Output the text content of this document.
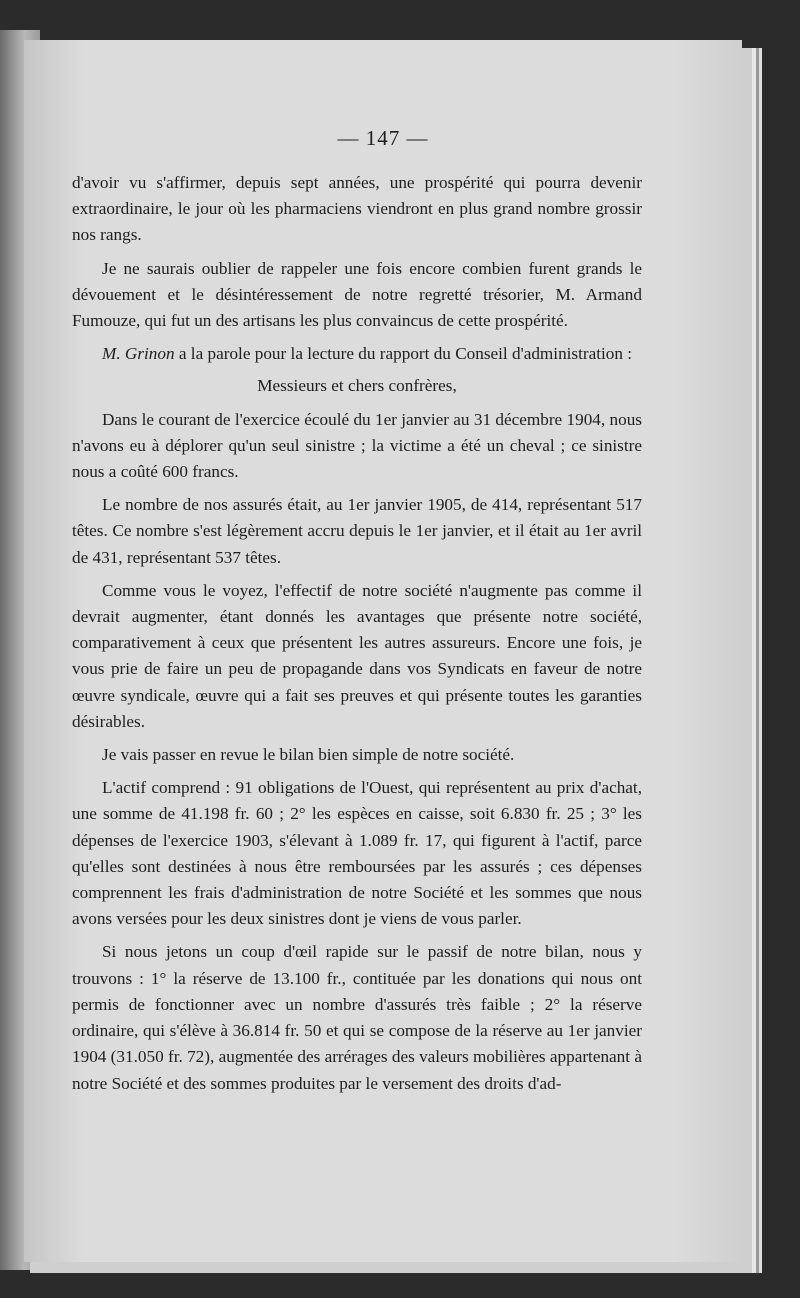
— 147 —

d'avoir vu s'affirmer, depuis sept années, une prospérité qui pourra devenir extraordinaire, le jour où les pharmaciens viendront en plus grand nombre grossir nos rangs.

Je ne saurais oublier de rappeler une fois encore combien furent grands le dévouement et le désintéressement de notre regretté trésorier, M. Armand Fumouze, qui fut un des artisans les plus convaincus de cette prospérité.

M. Grinon a la parole pour la lecture du rapport du Conseil d'administration :

Messieurs et chers confrères,

Dans le courant de l'exercice écoulé du 1er janvier au 31 décembre 1904, nous n'avons eu à déplorer qu'un seul sinistre ; la victime a été un cheval ; ce sinistre nous a coûté 600 francs.

Le nombre de nos assurés était, au 1er janvier 1905, de 414, représentant 517 têtes. Ce nombre s'est légèrement accru depuis le 1er janvier, et il était au 1er avril de 431, représentant 537 têtes.

Comme vous le voyez, l'effectif de notre société n'augmente pas comme il devrait augmenter, étant donnés les avantages que présente notre société, comparativement à ceux que présentent les autres assureurs. Encore une fois, je vous prie de faire un peu de propagande dans vos Syndicats en faveur de notre œuvre syndicale, œuvre qui a fait ses preuves et qui présente toutes les garanties désirables.

Je vais passer en revue le bilan bien simple de notre société.

L'actif comprend : 91 obligations de l'Ouest, qui représentent au prix d'achat, une somme de 41.198 fr. 60 ; 2° les espèces en caisse, soit 6.830 fr. 25 ; 3° les dépenses de l'exercice 1903, s'élevant à 1.089 fr. 17, qui figurent à l'actif, parce qu'elles sont destinées à nous être remboursées par les assurés ; ces dépenses comprennent les frais d'administration de notre Société et les sommes que nous avons versées pour les deux sinistres dont je viens de vous parler.

Si nous jetons un coup d'œil rapide sur le passif de notre bilan, nous y trouvons : 1° la réserve de 13.100 fr., contituée par les donations qui nous ont permis de fonctionner avec un nombre d'assurés très faible ; 2° la réserve ordinaire, qui s'élève à 36.814 fr. 50 et qui se compose de la réserve au 1er janvier 1904 (31.050 fr. 72), augmentée des arrérages des valeurs mobilières appartenant à notre Société et des sommes produites par le versement des droits d'ad-
